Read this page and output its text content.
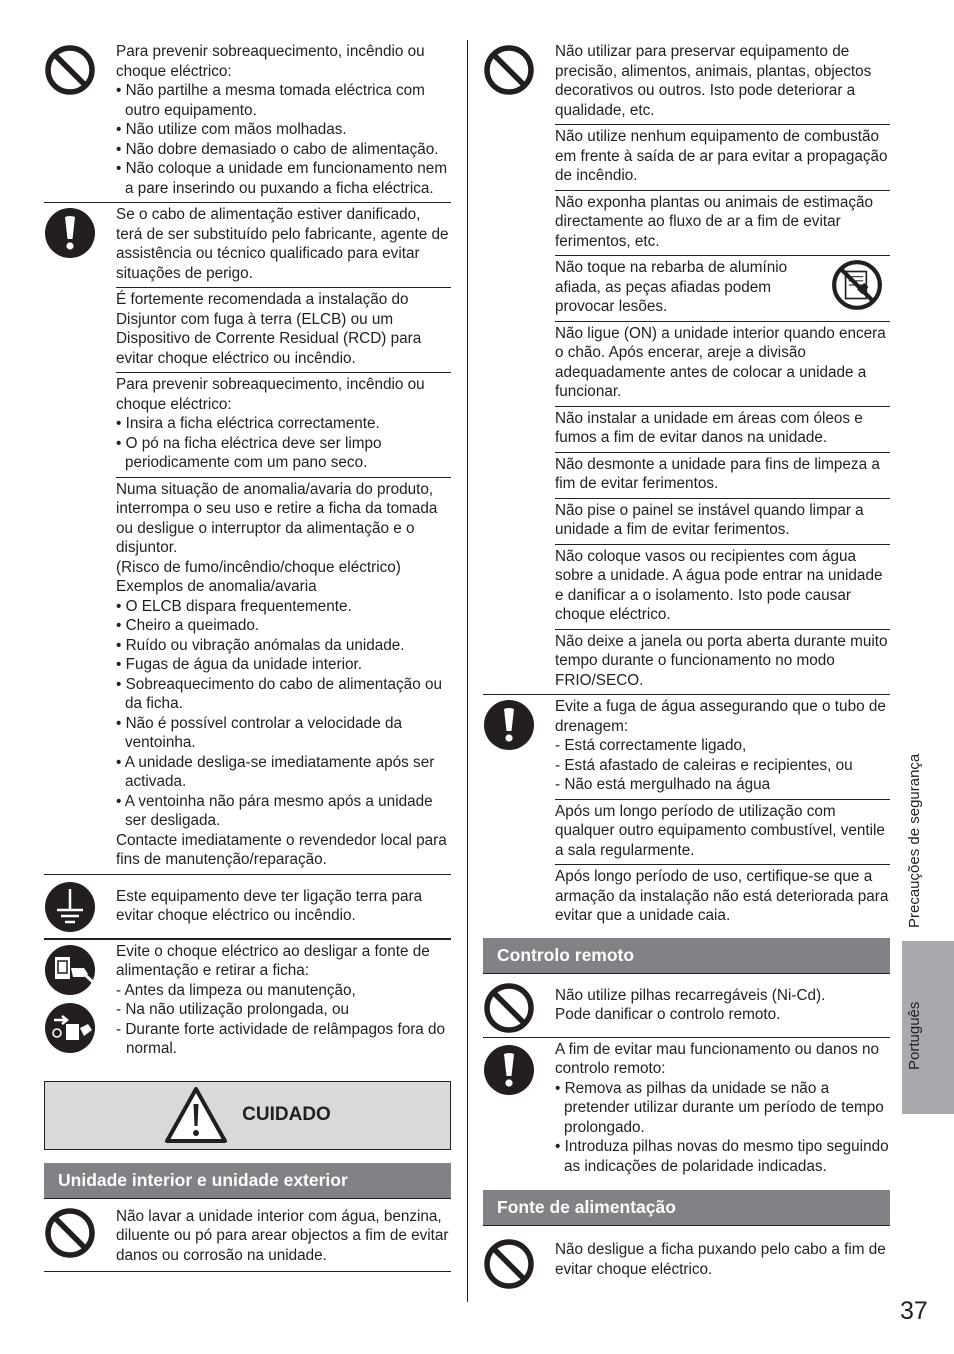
Para prevenir sobreaquecimento, incêndio ou choque eléctrico:

• Não partilhe a mesma tomada eléctrica com outro equipamento.

• Não utilize com mãos molhadas.

• Não dobre demasiado o cabo de alimentação.

• Não coloque a unidade em funcionamento nem a pare inserindo ou puxando a ficha eléctrica.

Se o cabo de alimentação estiver danificado, terá de ser substituído pelo fabricante, agente de assistência ou técnico qualificado para evitar situações de perigo.

É fortemente recomendada a instalação do Disjuntor com fuga à terra (ELCB) ou um Dispositivo de Corrente Residual (RCD) para evitar choque eléctrico ou incêndio.

Para prevenir sobreaquecimento, incêndio ou choque eléctrico:

• Insira a ficha eléctrica correctamente.

• O pó na ficha eléctrica deve ser limpo periodicamente com um pano seco.

Numa situação de anomalia/avaria do produto, interrompa o seu uso e retire a ficha da tomada ou desligue o interruptor da alimentação e o disjuntor.

(Risco de fumo/incêndio/choque eléctrico)

Exemplos de anomalia/avaria

• O ELCB dispara frequentemente.

• Cheiro a queimado.

• Ruído ou vibração anómalas da unidade.

• Fugas de água da unidade interior.

• Sobreaquecimento do cabo de alimentação ou da ficha.

• Não é possível controlar a velocidade da ventoinha.

• A unidade desliga-se imediatamente após ser activada.

• A ventoinha não pára mesmo após a unidade ser desligada.

Contacte imediatamente o revendedor local para fins de manutenção/reparação.

Este equipamento deve ter ligação terra para evitar choque eléctrico ou incêndio.

Evite o choque eléctrico ao desligar a fonte de alimentação e retirar a ficha:

- Antes da limpeza ou manutenção,

- Na não utilização prolongada, ou

- Durante forte actividade de relâmpagos fora do normal.

CUIDADO
Unidade interior e unidade exterior

Não lavar a unidade interior com água, benzina, diluente ou pó para arear objectos a fim de evitar danos ou corrosão na unidade.

Não utilizar para preservar equipamento de precisão, alimentos, animais, plantas, objectos decorativos ou outros. Isto pode deteriorar a qualidade, etc.

Não utilize nenhum equipamento de combustão em frente à saída de ar para evitar a propagação de incêndio.

Não exponha plantas ou animais de estimação directamente ao fluxo de ar a fim de evitar ferimentos, etc.

Não toque na rebarba de alumínio afiada, as peças afiadas podem provocar lesões.

Não ligue (ON) a unidade interior quando encera o chão. Após encerar, areje a divisão adequadamente antes de colocar a unidade a funcionar.

Não instalar a unidade em áreas com óleos e fumos a fim de evitar danos na unidade.

Não desmonte a unidade para fins de limpeza a fim de evitar ferimentos.

Não pise o painel se instável quando limpar a unidade a fim de evitar ferimentos.

Não coloque vasos ou recipientes com água sobre a unidade. A água pode entrar na unidade e danificar a o isolamento. Isto pode causar choque eléctrico.

Não deixe a janela ou porta aberta durante muito tempo durante o funcionamento no modo FRIO/SECO.

Evite a fuga de água assegurando que o tubo de drenagem:

- Está correctamente ligado,

- Está afastado de caleiras e recipientes, ou

- Não está mergulhado na água

Após um longo período de utilização com qualquer outro equipamento combustível, ventile a sala regularmente.

Após longo período de uso, certifique-se que a armação da instalação não está deteriorada para evitar que a unidade caia.

Controlo remoto

Não utilize pilhas recarregáveis (Ni-Cd).

Pode danificar o controlo remoto.

A fim de evitar mau funcionamento ou danos no controlo remoto:

• Remova as pilhas da unidade se não a pretender utilizar durante um período de tempo prolongado.

• Introduza pilhas novas do mesmo tipo seguindo as indicações de polaridade indicadas.

Fonte de alimentação

Não desligue a ficha puxando pelo cabo a fim de evitar choque eléctrico.

Precauções de segurança
Português
37
